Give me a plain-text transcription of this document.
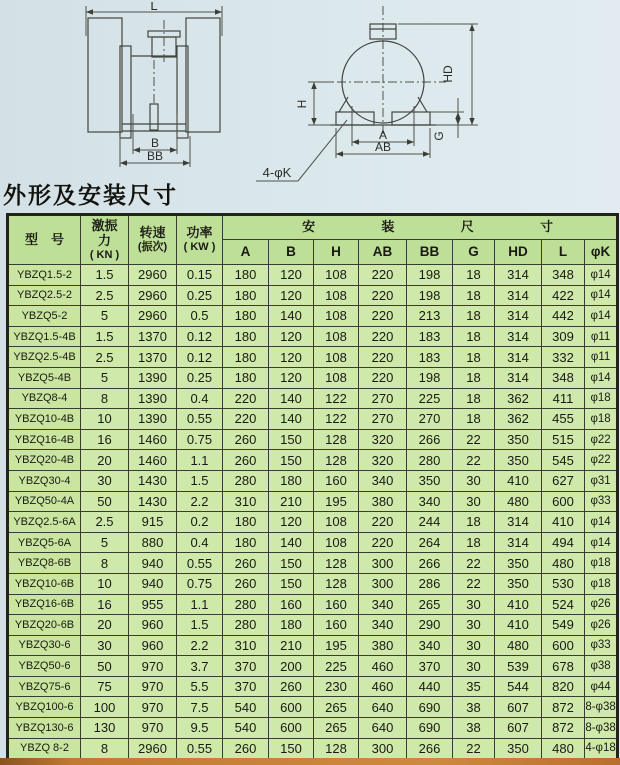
L
B
BB
H
HD
G
A
AB
4-φK
外形及安装尺寸
型　号

激振
力
( KN )

转速
(振次)

功率
( KW )

安	装	尺	寸

				A	B	H	AB	BB	G	HD	L	φK
YBZQ1.5-2	1.5	2960	0.15	180	120	108	220	198	18	314	348	φ14
YBZQ2.5-2	2.5	2960	0.25	180	120	108	220	198	18	314	422	φ14
YBZQ5-2	5	2960	0.5	180	140	108	220	213	18	314	442	φ14
YBZQ1.5-4B	1.5	1370	0.12	180	120	108	220	183	18	314	309	φ11
YBZQ2.5-4B	2.5	1370	0.12	180	120	108	220	183	18	314	332	φ11
YBZQ5-4B	5	1390	0.25	180	120	108	220	198	18	314	348	φ14
YBZQ8-4	8	1390	0.4	220	140	122	270	225	18	362	411	φ18
YBZQ10-4B	10	1390	0.55	220	140	122	270	270	18	362	455	φ18
YBZQ16-4B	16	1460	0.75	260	150	128	320	266	22	350	515	φ22
YBZQ20-4B	20	1460	1.1	260	150	128	320	280	22	350	545	φ22
YBZQ30-4	30	1430	1.5	280	180	160	340	350	30	410	627	φ31
YBZQ50-4A	50	1430	2.2	310	210	195	380	340	30	480	600	φ33
YBZQ2.5-6A	2.5	915	0.2	180	120	108	220	244	18	314	410	φ14
YBZQ5-6A	5	880	0.4	180	140	108	220	264	18	314	494	φ14
YBZQ8-6B	8	940	0.55	260	150	128	300	266	22	350	480	φ18
YBZQ10-6B	10	940	0.75	260	150	128	300	286	22	350	530	φ18
YBZQ16-6B	16	955	1.1	280	160	160	340	265	30	410	524	φ26
YBZQ20-6B	20	960	1.5	280	180	160	340	290	30	410	549	φ26
YBZQ30-6	30	960	2.2	310	210	195	380	340	30	480	600	φ33
YBZQ50-6	50	970	3.7	370	200	225	460	370	30	539	678	φ38
YBZQ75-6	75	970	5.5	370	260	230	460	440	35	544	820	φ44
YBZQ100-6	100	970	7.5	540	600	265	640	690	38	607	872	8-φ38
YBZQ130-6	130	970	9.5	540	600	265	640	690	38	607	872	8-φ38
YBZQ 8-2	8	2960	0.55	260	150	128	300	266	22	350	480	4-φ18
